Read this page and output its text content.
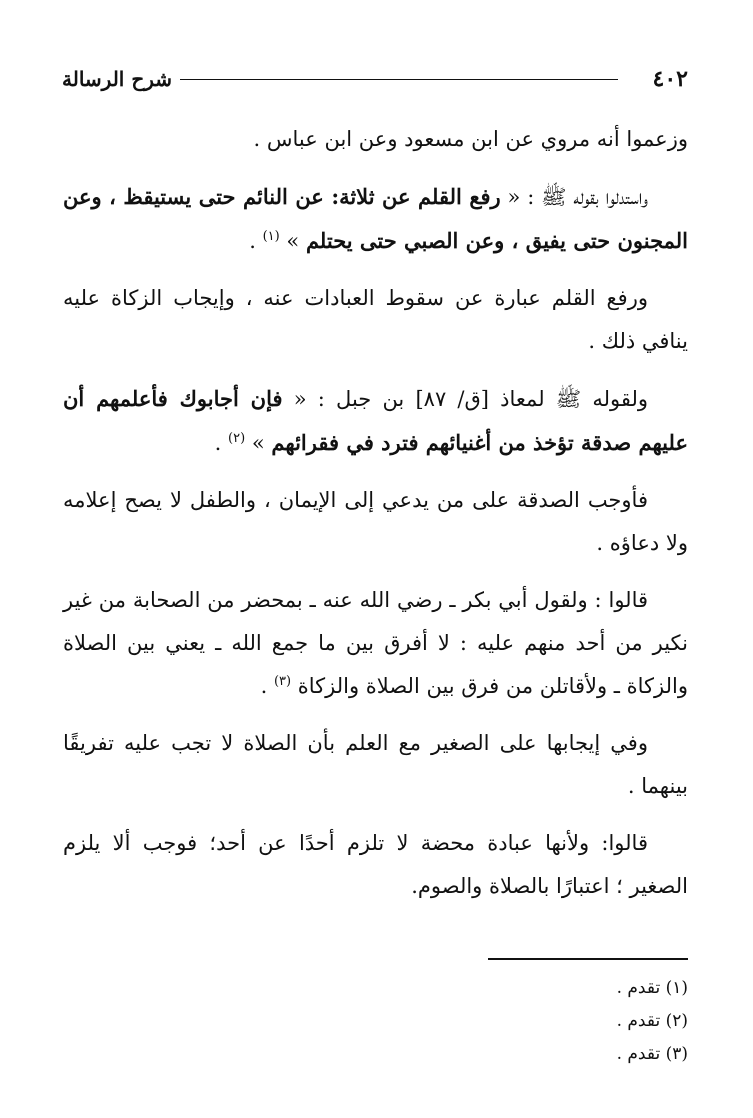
٤٠٢
شرح الرسالة

وزعموا أنه مروي عن ابن مسعود وعن ابن عباس .

واستدلوا بقوله ﷺ : « رفع القلم عن ثلاثة: عن النائم حتى يستيقظ ، وعن المجنون حتى يفيق ، وعن الصبي حتى يحتلم » $^{(١)}$ .

ورفع القلم عبارة عن سقوط العبادات عنه ، وإيجاب الزكاة عليه ينافي ذلك .

ولقوله ﷺ لمعاذ [ق/ ٨٧] بن جبل : « فإن أجابوك فأعلمهم أن عليهم صدقة تؤخذ من أغنيائهم فترد في فقرائهم » $^{(٢)}$ .

فأوجب الصدقة على من يدعي إلى الإيمان ، والطفل لا يصح إعلامه ولا دعاؤه .

قالوا : ولقول أبي بكر ـ رضي الله عنه ـ بمحضر من الصحابة من غير نكير من أحد منهم عليه : لا أفرق بين ما جمع الله ـ يعني بين الصلاة والزكاة ـ ولأقاتلن من فرق بين الصلاة والزكاة $^{(٣)}$ .

وفي إيجابها على الصغير مع العلم بأن الصلاة لا تجب عليه تفريقًا بينهما .

قالوا: ولأنها عبادة محضة لا تلزم أحدًا عن أحد؛ فوجب ألا يلزم الصغير ؛ اعتبارًا بالصلاة والصوم.

(١) تقدم .

(٢) تقدم .

(٣) تقدم .
